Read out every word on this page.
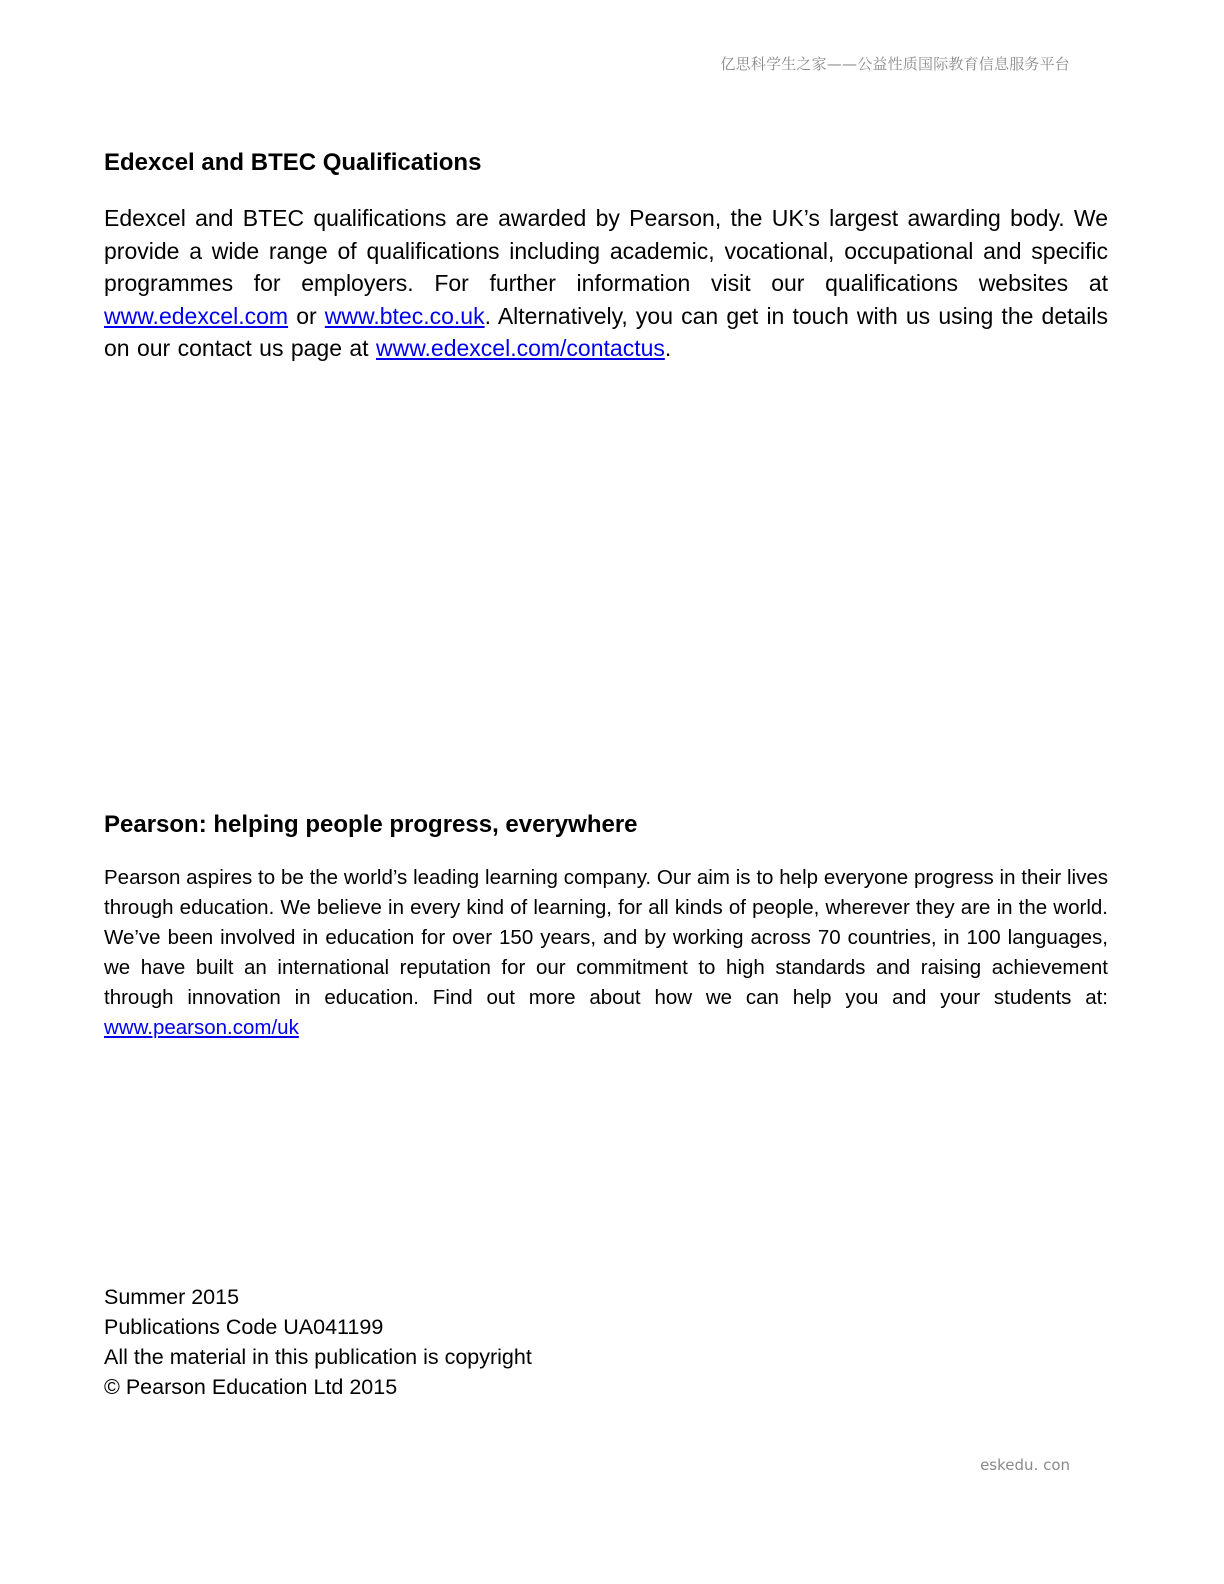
亿思科学生之家——公益性质国际教育信息服务平台
Edexcel and BTEC Qualifications

Edexcel and BTEC qualifications are awarded by Pearson, the UK’s largest awarding body. We provide a wide range of qualifications including academic, vocational, occupational and specific programmes for employers. For further information visit our qualifications websites at www.edexcel.com or www.btec.co.uk. Alternatively, you can get in touch with us using the details on our contact us page at www.edexcel.com/contactus.

Pearson: helping people progress, everywhere

Pearson aspires to be the world’s leading learning company. Our aim is to help everyone progress in their lives through education. We believe in every kind of learning, for all kinds of people, wherever they are in the world. We’ve been involved in education for over 150 years, and by working across 70 countries, in 100 languages, we have built an international reputation for our commitment to high standards and raising achievement through innovation in education. Find out more about how we can help you and your students at: www.pearson.com/uk

Summer 2015
Publications Code UA041199
All the material in this publication is copyright
© Pearson Education Ltd 2015
eskedu. con
